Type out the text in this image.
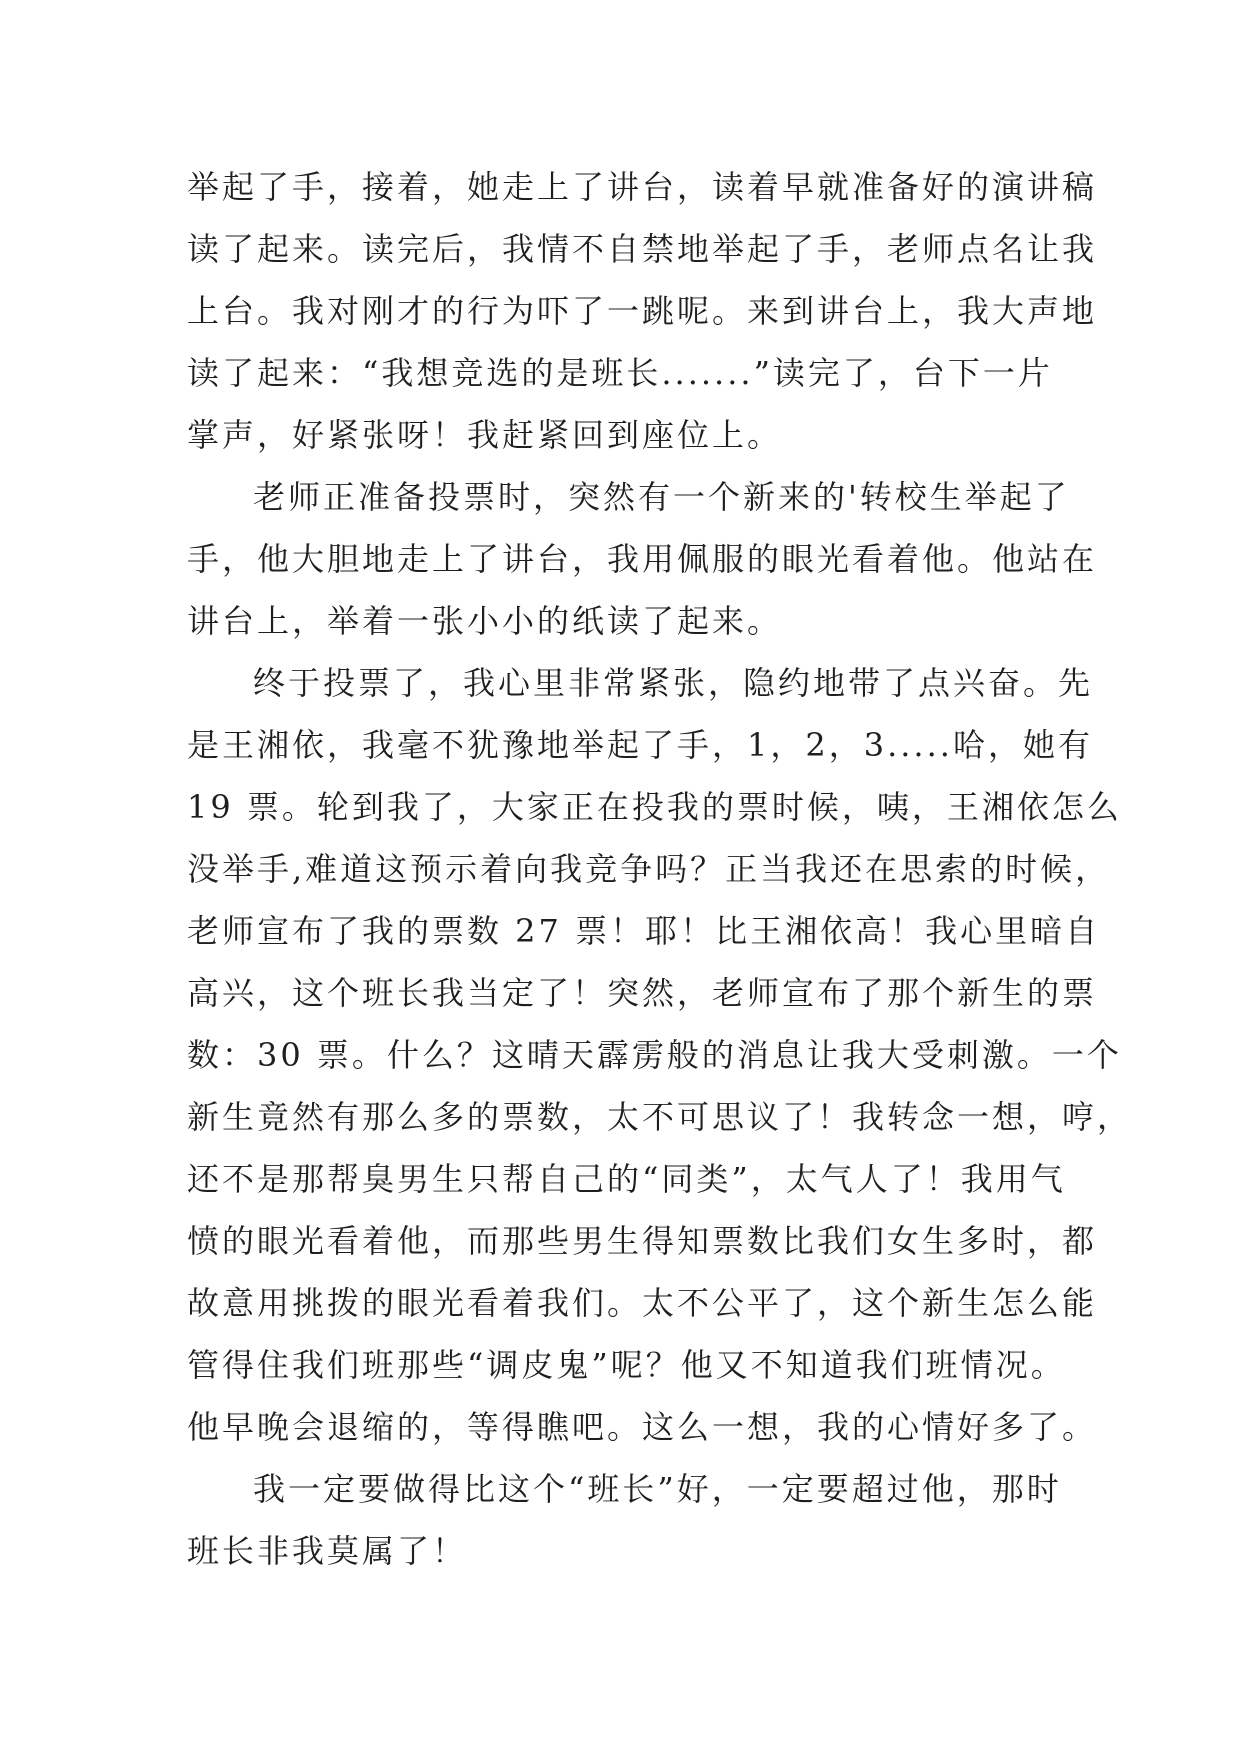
举起了手，接着，她走上了讲台，读着早就准备好的演讲稿
读了起来。读完后，我情不自禁地举起了手，老师点名让我
上台。我对刚才的行为吓了一跳呢。来到讲台上，我大声地
读了起来：“我想竞选的是班长.......”读完了，台下一片
掌声，好紧张呀！我赶紧回到座位上。
老师正准备投票时，突然有一个新来的'转校生举起了
手，他大胆地走上了讲台，我用佩服的眼光看着他。他站在
讲台上，举着一张小小的纸读了起来。
终于投票了，我心里非常紧张，隐约地带了点兴奋。先
是王湘依，我毫不犹豫地举起了手，1，2，3.....哈，她有
19 票。轮到我了，大家正在投我的票时候，咦，王湘依怎么
没举手,难道这预示着向我竞争吗？正当我还在思索的时候，
老师宣布了我的票数 27 票！耶！比王湘依高！我心里暗自
高兴，这个班长我当定了！突然，老师宣布了那个新生的票
数：30 票。什么？这晴天霹雳般的消息让我大受刺激。一个
新生竟然有那么多的票数，太不可思议了！我转念一想，哼，
还不是那帮臭男生只帮自己的“同类”，太气人了！我用气
愤的眼光看着他，而那些男生得知票数比我们女生多时，都
故意用挑拨的眼光看着我们。太不公平了，这个新生怎么能
管得住我们班那些“调皮鬼”呢？他又不知道我们班情况。
他早晚会退缩的，等得瞧吧。这么一想，我的心情好多了。
我一定要做得比这个“班长”好，一定要超过他，那时
班长非我莫属了！
